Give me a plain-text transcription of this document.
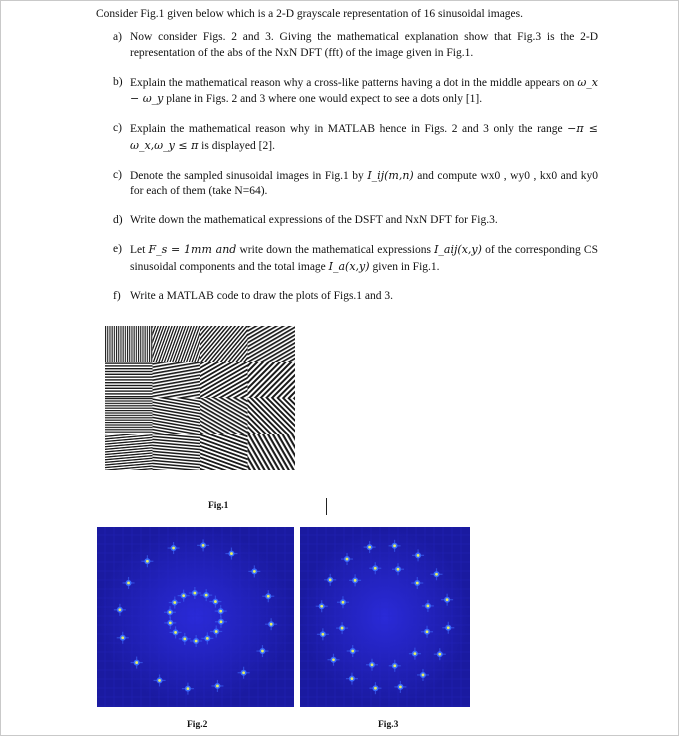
Consider Fig.1 given below which is a 2-D grayscale representation of 16 sinusoidal images.
a) Now consider Figs. 2 and 3. Giving the mathematical explanation show that Fig.3 is the 2-D representation of the abs of the NxN DFT (fft) of the image given in Fig.1.
b) Explain the mathematical reason why a cross-like patterns having a dot in the middle appears on ω_x − ω_y plane in Figs. 2 and 3 where one would expect to see a dots only [1].
c) Explain the mathematical reason why in MATLAB hence in Figs. 2 and 3 only the range −π ≤ ω_x,ω_y ≤ π is displayed [2].
c) Denote the sampled sinusoidal images in Fig.1 by I_ij(m,n) and compute wx0 , wy0 , kx0 and ky0 for each of them (take N=64).
d) Write down the mathematical expressions of the DSFT and NxN DFT for Fig.3.
e) Let F_s = 1mm and write down the mathematical expressions I_aij(x,y) of the corresponding CS sinusoidal components and the total image I_a(x,y) given in Fig.1.
f) Write a MATLAB code to draw the plots of Figs.1 and 3.
Fig.1
Fig.2	Fig.3
